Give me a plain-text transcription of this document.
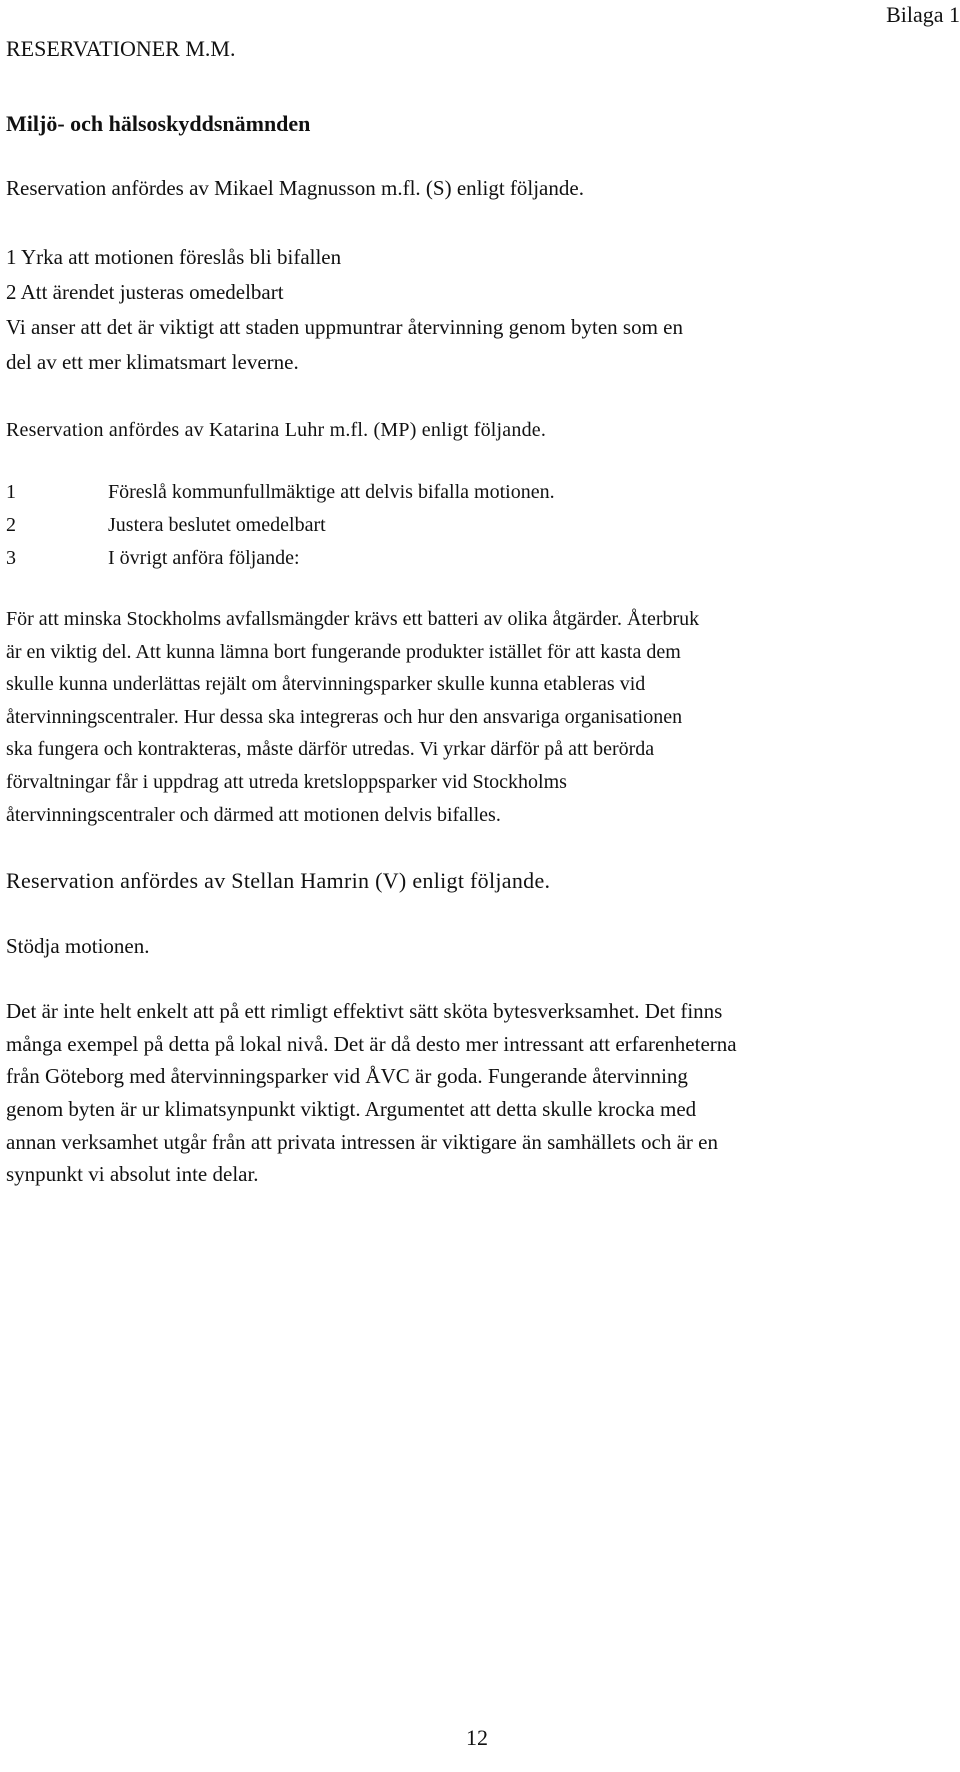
Bilaga 1

RESERVATIONER M.M.

Miljö- och hälsoskyddsnämnden

Reservation anfördes av Mikael Magnusson m.fl. (S) enligt följande.

1 Yrka att motionen föreslås bli bifallen

2 Att ärendet justeras omedelbart

Vi anser att det är viktigt att staden uppmuntrar återvinning genom byten som en

del av ett mer klimatsmart leverne.

Reservation anfördes av Katarina Luhr m.fl. (MP) enligt följande.

1	Föreslå kommunfullmäktige att delvis bifalla motionen.
2	Justera beslutet omedelbart
3	I övrigt anföra följande:
För att minska Stockholms avfallsmängder krävs ett batteri av olika åtgärder. Återbruk
är en viktig del. Att kunna lämna bort fungerande produkter istället för att kasta dem
skulle kunna underlättas rejält om återvinningsparker skulle kunna etableras vid
återvinningscentraler. Hur dessa ska integreras och hur den ansvariga organisationen
ska fungera och kontrakteras, måste därför utredas. Vi yrkar därför på att berörda
förvaltningar får i uppdrag att utreda kretsloppsparker vid Stockholms
återvinningscentraler och därmed att motionen delvis bifalles.

Reservation anfördes av Stellan Hamrin (V) enligt följande.

Stödja motionen.

Det är inte helt enkelt att på ett rimligt effektivt sätt sköta bytesverksamhet. Det finns
många exempel på detta på lokal nivå. Det är då desto mer intressant att erfarenheterna
från Göteborg med återvinningsparker vid ÅVC är goda. Fungerande återvinning
genom byten är ur klimatsynpunkt viktigt. Argumentet att detta skulle krocka med
annan verksamhet utgår från att privata intressen är viktigare än samhällets och är en
synpunkt vi absolut inte delar.
12
